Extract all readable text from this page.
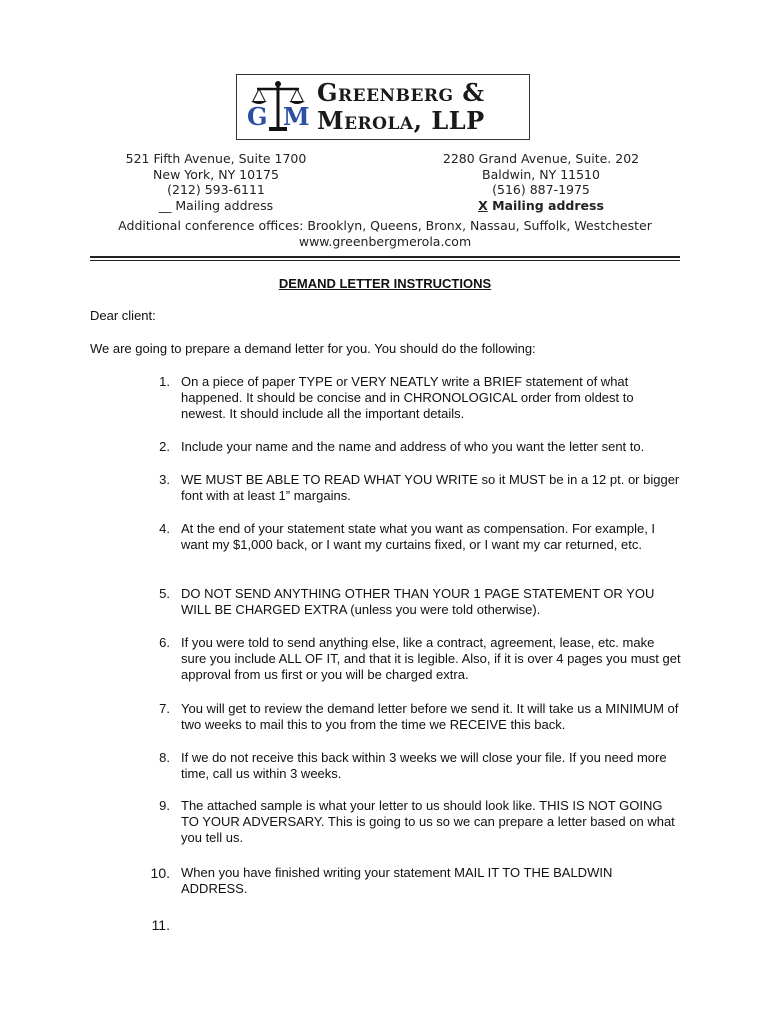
G M
Greenberg &
Merola, LLP
521 Fifth Avenue, Suite 1700
New York, NY 10175
(212) 593-6111
__ Mailing address
2280 Grand Avenue, Suite. 202
Baldwin, NY 11510
(516) 887-1975
X Mailing address
Additional conference offices: Brooklyn, Queens, Bronx, Nassau, Suffolk, Westchester
www.greenbergmerola.com
DEMAND LETTER INSTRUCTIONS
Dear client:
We are going to prepare a demand letter for you. You should do the following:
1. On a piece of paper TYPE or VERY NEATLY write a BRIEF statement of what happened. It should be concise and in CHRONOLOGICAL order from oldest to newest. It should include all the important details.
2. Include your name and the name and address of who you want the letter sent to.
3. WE MUST BE ABLE TO READ WHAT YOU WRITE so it MUST be in a 12 pt. or bigger font with at least 1” margains.
4. At the end of your statement state what you want as compensation. For example, I want my $1,000 back, or I want my curtains fixed, or I want my car returned, etc.
5. DO NOT SEND ANYTHING OTHER THAN YOUR 1 PAGE STATEMENT OR YOU WILL BE CHARGED EXTRA (unless you were told otherwise).
6. If you were told to send anything else, like a contract, agreement, lease, etc. make sure you include ALL OF IT, and that it is legible. Also, if it is over 4 pages you must get approval from us first or you will be charged extra.
7. You will get to review the demand letter before we send it. It will take us a MINIMUM of two weeks to mail this to you from the time we RECEIVE this back.
8. If we do not receive this back within 3 weeks we will close your file. If you need more time, call us within 3 weeks.
9. The attached sample is what your letter to us should look like. THIS IS NOT GOING TO YOUR ADVERSARY. This is going to us so we can prepare a letter based on what you tell us.
10. When you have finished writing your statement MAIL IT TO THE BALDWIN ADDRESS.
11.
